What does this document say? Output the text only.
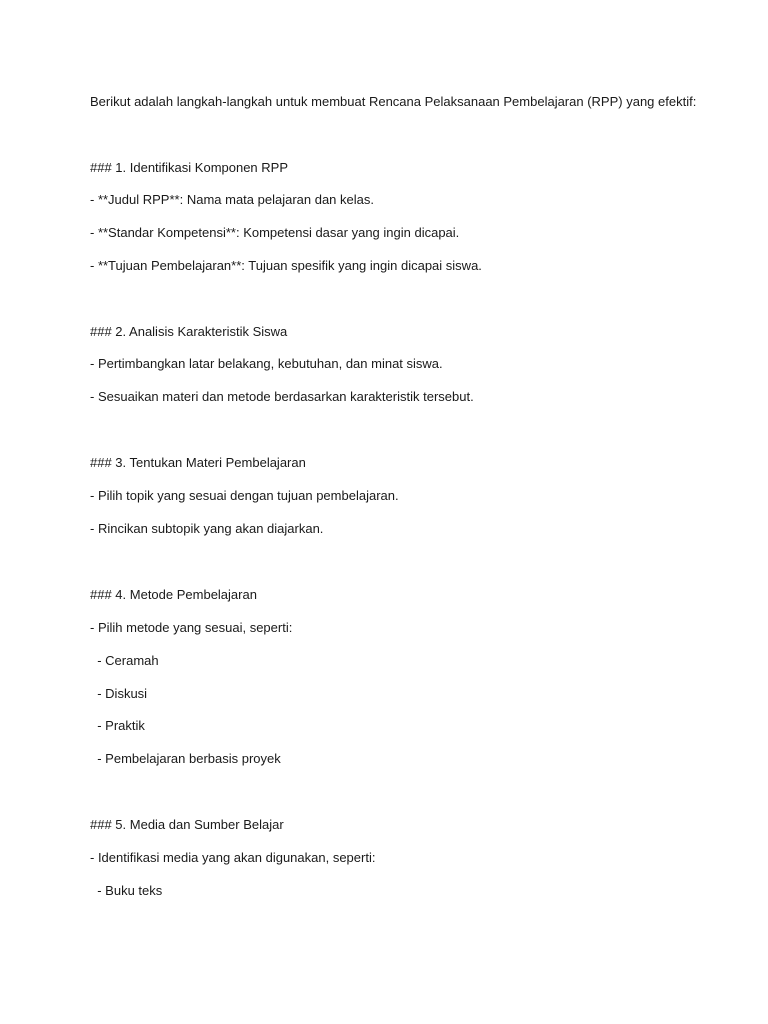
Berikut adalah langkah-langkah untuk membuat Rencana Pelaksanaan Pembelajaran (RPP) yang efektif:
### 1. Identifikasi Komponen RPP
- **Judul RPP**: Nama mata pelajaran dan kelas.
- **Standar Kompetensi**: Kompetensi dasar yang ingin dicapai.
- **Tujuan Pembelajaran**: Tujuan spesifik yang ingin dicapai siswa.
### 2. Analisis Karakteristik Siswa
- Pertimbangkan latar belakang, kebutuhan, dan minat siswa.
- Sesuaikan materi dan metode berdasarkan karakteristik tersebut.
### 3. Tentukan Materi Pembelajaran
- Pilih topik yang sesuai dengan tujuan pembelajaran.
- Rincikan subtopik yang akan diajarkan.
### 4. Metode Pembelajaran
- Pilih metode yang sesuai, seperti:
- Ceramah
- Diskusi
- Praktik
- Pembelajaran berbasis proyek
### 5. Media dan Sumber Belajar
- Identifikasi media yang akan digunakan, seperti:
- Buku teks
